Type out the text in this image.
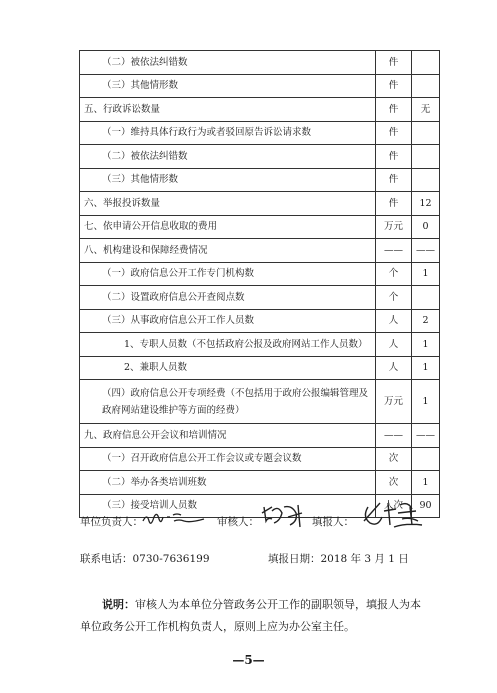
（二）被依法纠错数	件	
（三）其他情形数	件	
五、行政诉讼数量	件	无
（一）维持具体行政行为或者驳回原告诉讼请求数	件	
（二）被依法纠错数	件	
（三）其他情形数	件	
六、举报投诉数量	件	12
七、依申请公开信息收取的费用	万元	0
八、机构建设和保障经费情况	——	——
（一）政府信息公开工作专门机构数	个	1
（二）设置政府信息公开查阅点数	个	
（三）从事政府信息公开工作人员数	人	2
1、专职人员数（不包括政府公报及政府网站工作人员数）	人	1
2、兼职人员数	人	1
（四）政府信息公开专项经费（不包括用于政府公报编辑管理及政府网站建设维护等方面的经费）	万元	1
九、政府信息公开会议和培训情况	——	——
（一）召开政府信息公开工作会议或专题会议数	次	
（二）举办各类培训班数	次	1
（三）接受培训人员数	人次	90
单位负责人：	审核人：	填报人：
联系电话：0730-7636199	填报日期：2018 年 3 月 1 日
说明：审核人为本单位分管政务公开工作的副职领导，填报人为本单位政务公开工作机构负责人，原则上应为办公室主任。
—5—
